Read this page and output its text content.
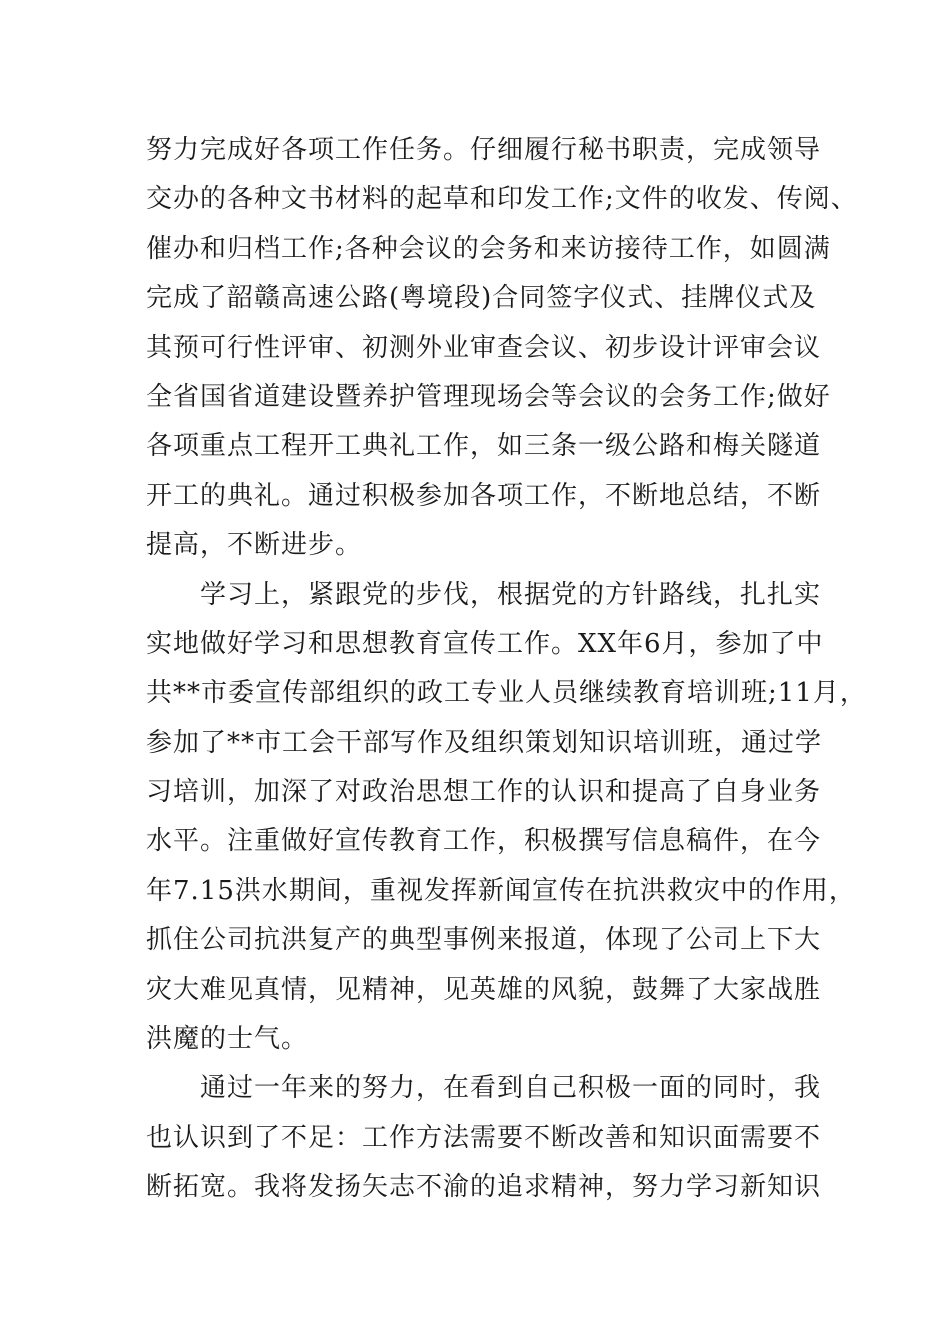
努力完成好各项工作任务。仔细履行秘书职责，完成领导
交办的各种文书材料的起草和印发工作;文件的收发、传阅、
催办和归档工作;各种会议的会务和来访接待工作，如圆满
完成了韶赣高速公路(粤境段)合同签字仪式、挂牌仪式及
其预可行性评审、初测外业审查会议、初步设计评审会议
全省国省道建设暨养护管理现场会等会议的会务工作;做好
各项重点工程开工典礼工作，如三条一级公路和梅关隧道
开工的典礼。通过积极参加各项工作，不断地总结，不断
提高，不断进步。
学习上，紧跟党的步伐，根据党的方针路线，扎扎实
实地做好学习和思想教育宣传工作。XX年6月，参加了中
共**市委宣传部组织的政工专业人员继续教育培训班;11月，
参加了**市工会干部写作及组织策划知识培训班，通过学
习培训，加深了对政治思想工作的认识和提高了自身业务
水平。注重做好宣传教育工作，积极撰写信息稿件，在今
年7.15洪水期间，重视发挥新闻宣传在抗洪救灾中的作用，
抓住公司抗洪复产的典型事例来报道，体现了公司上下大
灾大难见真情，见精神，见英雄的风貌，鼓舞了大家战胜
洪魔的士气。
通过一年来的努力，在看到自己积极一面的同时，我
也认识到了不足：工作方法需要不断改善和知识面需要不
断拓宽。我将发扬矢志不渝的追求精神，努力学习新知识
